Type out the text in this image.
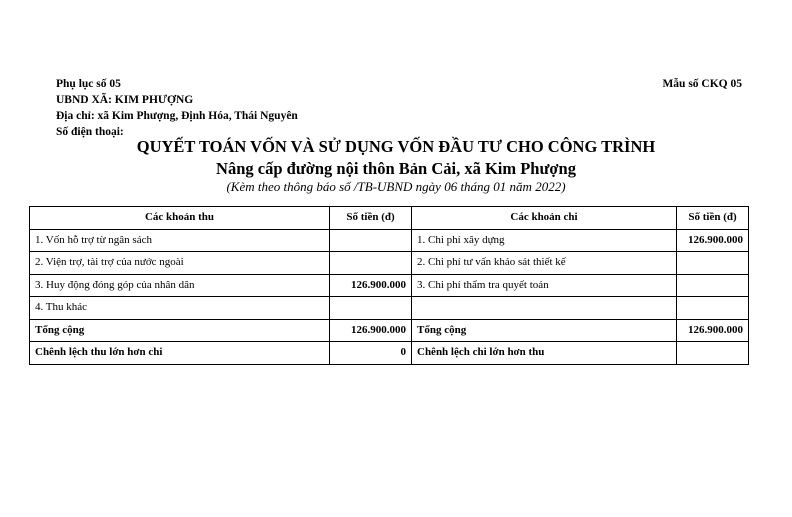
Phụ lục số 05
UBND XÃ: KIM PHƯỢNG
Địa chỉ: xã Kim Phượng, Định Hóa, Thái Nguyên
Số điện thoại:
Mẫu số CKQ 05
QUYẾT TOÁN VỐN VÀ SỬ DỤNG VỐN ĐẦU TƯ CHO CÔNG TRÌNH
Nâng cấp đường nội thôn Bản Cải, xã Kim Phượng
(Kèm theo thông báo số /TB-UBND ngày 06 tháng 01 năm 2022)
Các khoản thu	Số tiền (đ)	Các khoản chi	Số tiền (đ)
1. Vốn hỗ trợ từ ngân sách		1. Chi phí xây dựng	126.900.000
2. Viện trợ, tài trợ của nước ngoài		2. Chi phí tư vấn khảo sát thiết kế	
3. Huy động đóng góp của nhân dân	126.900.000	3. Chi phí thẩm tra quyết toán	
4. Thu khác			
Tổng cộng	126.900.000	Tổng cộng	126.900.000
Chênh lệch thu lớn hơn chi	0	Chênh lệch chi lớn hơn thu	
